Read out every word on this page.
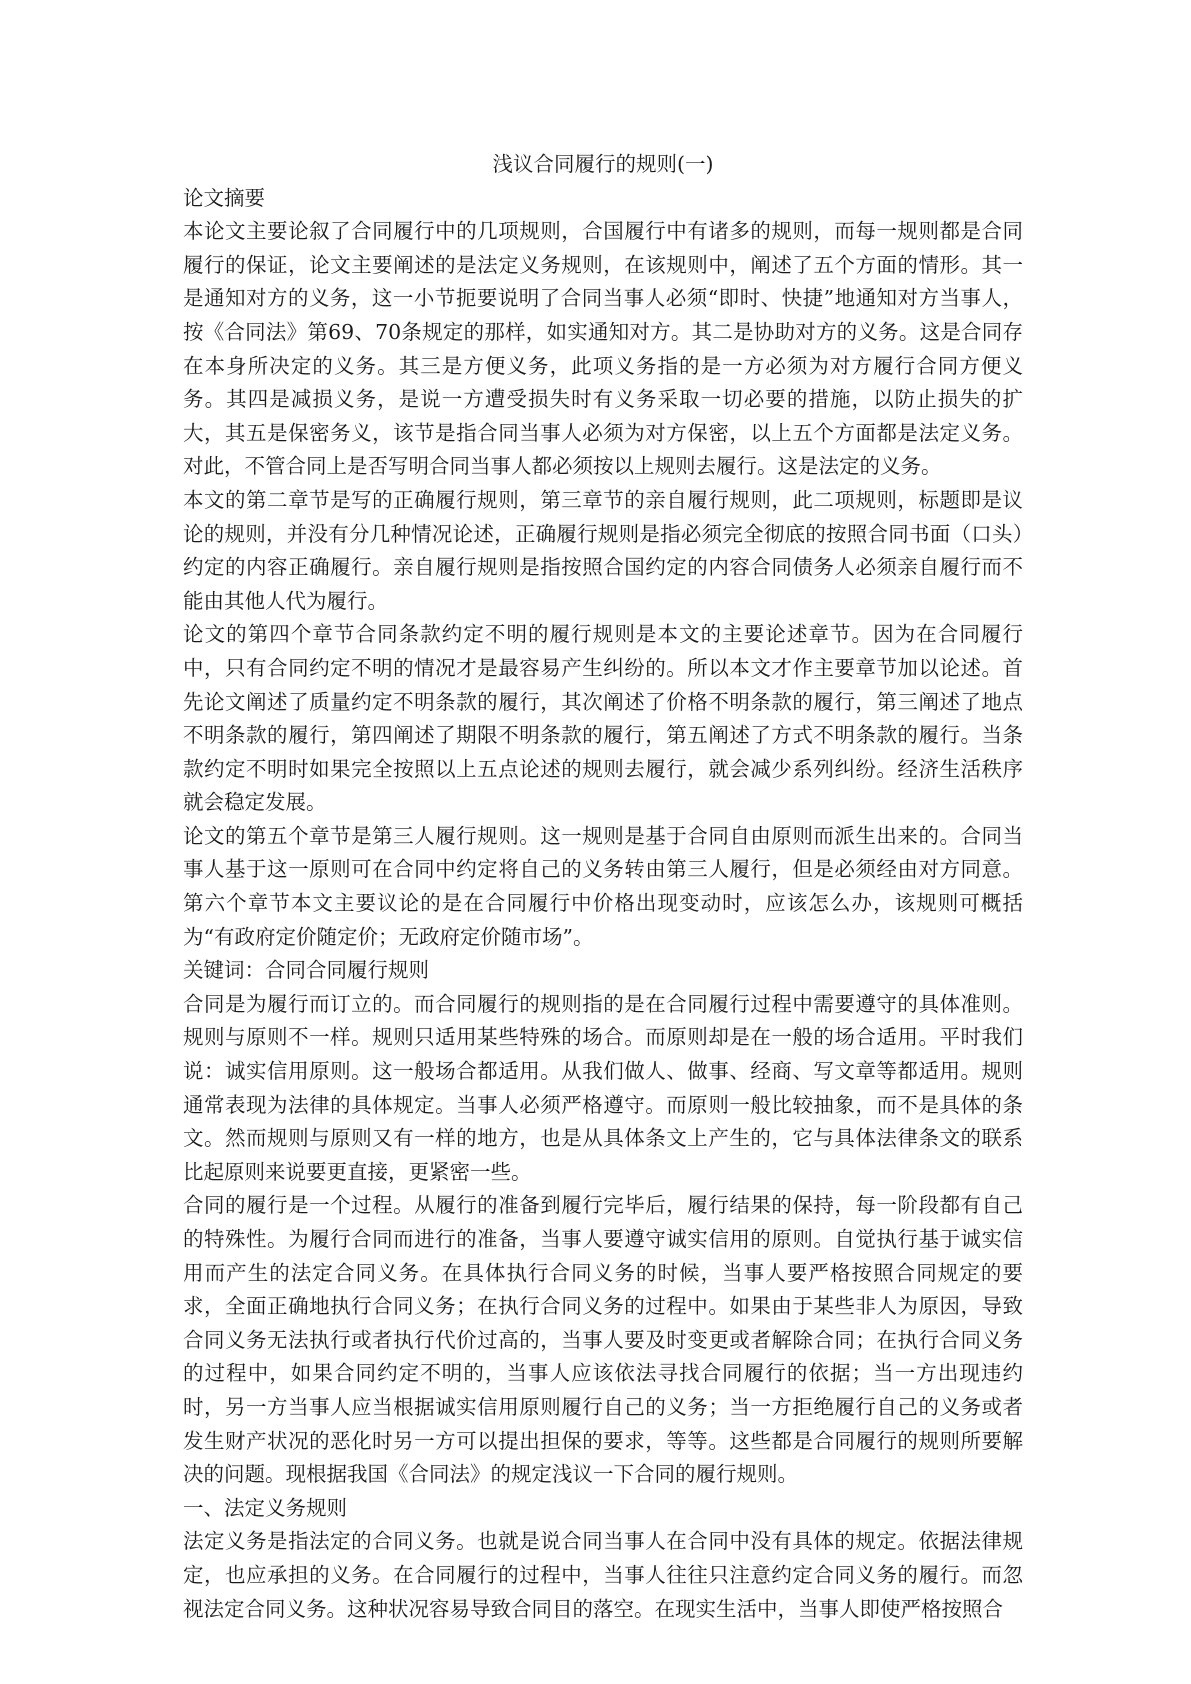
浅议合同履行的规则(一)

论文摘要

本论文主要论叙了合同履行中的几项规则，合国履行中有诸多的规则，而每一规则都是合同履行的保证，论文主要阐述的是法定义务规则，在该规则中，阐述了五个方面的情形。其一是通知对方的义务，这一小节扼要说明了合同当事人必须“即时、快捷”地通知对方当事人，按《合同法》第69、70条规定的那样，如实通知对方。其二是协助对方的义务。这是合同存在本身所决定的义务。其三是方便义务，此项义务指的是一方必须为对方履行合同方便义务。其四是减损义务，是说一方遭受损失时有义务采取一切必要的措施，以防止损失的扩大，其五是保密务义，该节是指合同当事人必须为对方保密，以上五个方面都是法定义务。对此，不管合同上是否写明合同当事人都必须按以上规则去履行。这是法定的义务。

本文的第二章节是写的正确履行规则，第三章节的亲自履行规则，此二项规则，标题即是议论的规则，并没有分几种情况论述，正确履行规则是指必须完全彻底的按照合同书面（口头）约定的内容正确履行。亲自履行规则是指按照合国约定的内容合同债务人必须亲自履行而不能由其他人代为履行。

论文的第四个章节合同条款约定不明的履行规则是本文的主要论述章节。因为在合同履行中，只有合同约定不明的情况才是最容易产生纠纷的。所以本文才作主要章节加以论述。首先论文阐述了质量约定不明条款的履行，其次阐述了价格不明条款的履行，第三阐述了地点不明条款的履行，第四阐述了期限不明条款的履行，第五阐述了方式不明条款的履行。当条款约定不明时如果完全按照以上五点论述的规则去履行，就会减少系列纠纷。经济生活秩序就会稳定发展。

论文的第五个章节是第三人履行规则。这一规则是基于合同自由原则而派生出来的。合同当事人基于这一原则可在合同中约定将自己的义务转由第三人履行，但是必须经由对方同意。第六个章节本文主要议论的是在合同履行中价格出现变动时，应该怎么办，该规则可概括为“有政府定价随定价；无政府定价随市场”。

关键词：合同合同履行规则

合同是为履行而订立的。而合同履行的规则指的是在合同履行过程中需要遵守的具体准则。规则与原则不一样。规则只适用某些特殊的场合。而原则却是在一般的场合适用。平时我们说：诚实信用原则。这一般场合都适用。从我们做人、做事、经商、写文章等都适用。规则通常表现为法律的具体规定。当事人必须严格遵守。而原则一般比较抽象，而不是具体的条文。然而规则与原则又有一样的地方，也是从具体条文上产生的，它与具体法律条文的联系比起原则来说要更直接，更紧密一些。

合同的履行是一个过程。从履行的准备到履行完毕后，履行结果的保持，每一阶段都有自己的特殊性。为履行合同而进行的准备，当事人要遵守诚实信用的原则。自觉执行基于诚实信用而产生的法定合同义务。在具体执行合同义务的时候，当事人要严格按照合同规定的要求，全面正确地执行合同义务；在执行合同义务的过程中。如果由于某些非人为原因，导致合同义务无法执行或者执行代价过高的，当事人要及时变更或者解除合同；在执行合同义务的过程中，如果合同约定不明的，当事人应该依法寻找合同履行的依据；当一方出现违约时，另一方当事人应当根据诚实信用原则履行自己的义务；当一方拒绝履行自己的义务或者发生财产状况的恶化时另一方可以提出担保的要求，等等。这些都是合同履行的规则所要解决的问题。现根据我国《合同法》的规定浅议一下合同的履行规则。

一、法定义务规则

法定义务是指法定的合同义务。也就是说合同当事人在合同中没有具体的规定。依据法律规定，也应承担的义务。在合同履行的过程中，当事人往往只注意约定合同义务的履行。而忽视法定合同义务。这种状况容易导致合同目的落空。在现实生活中，当事人即使严格按照合
